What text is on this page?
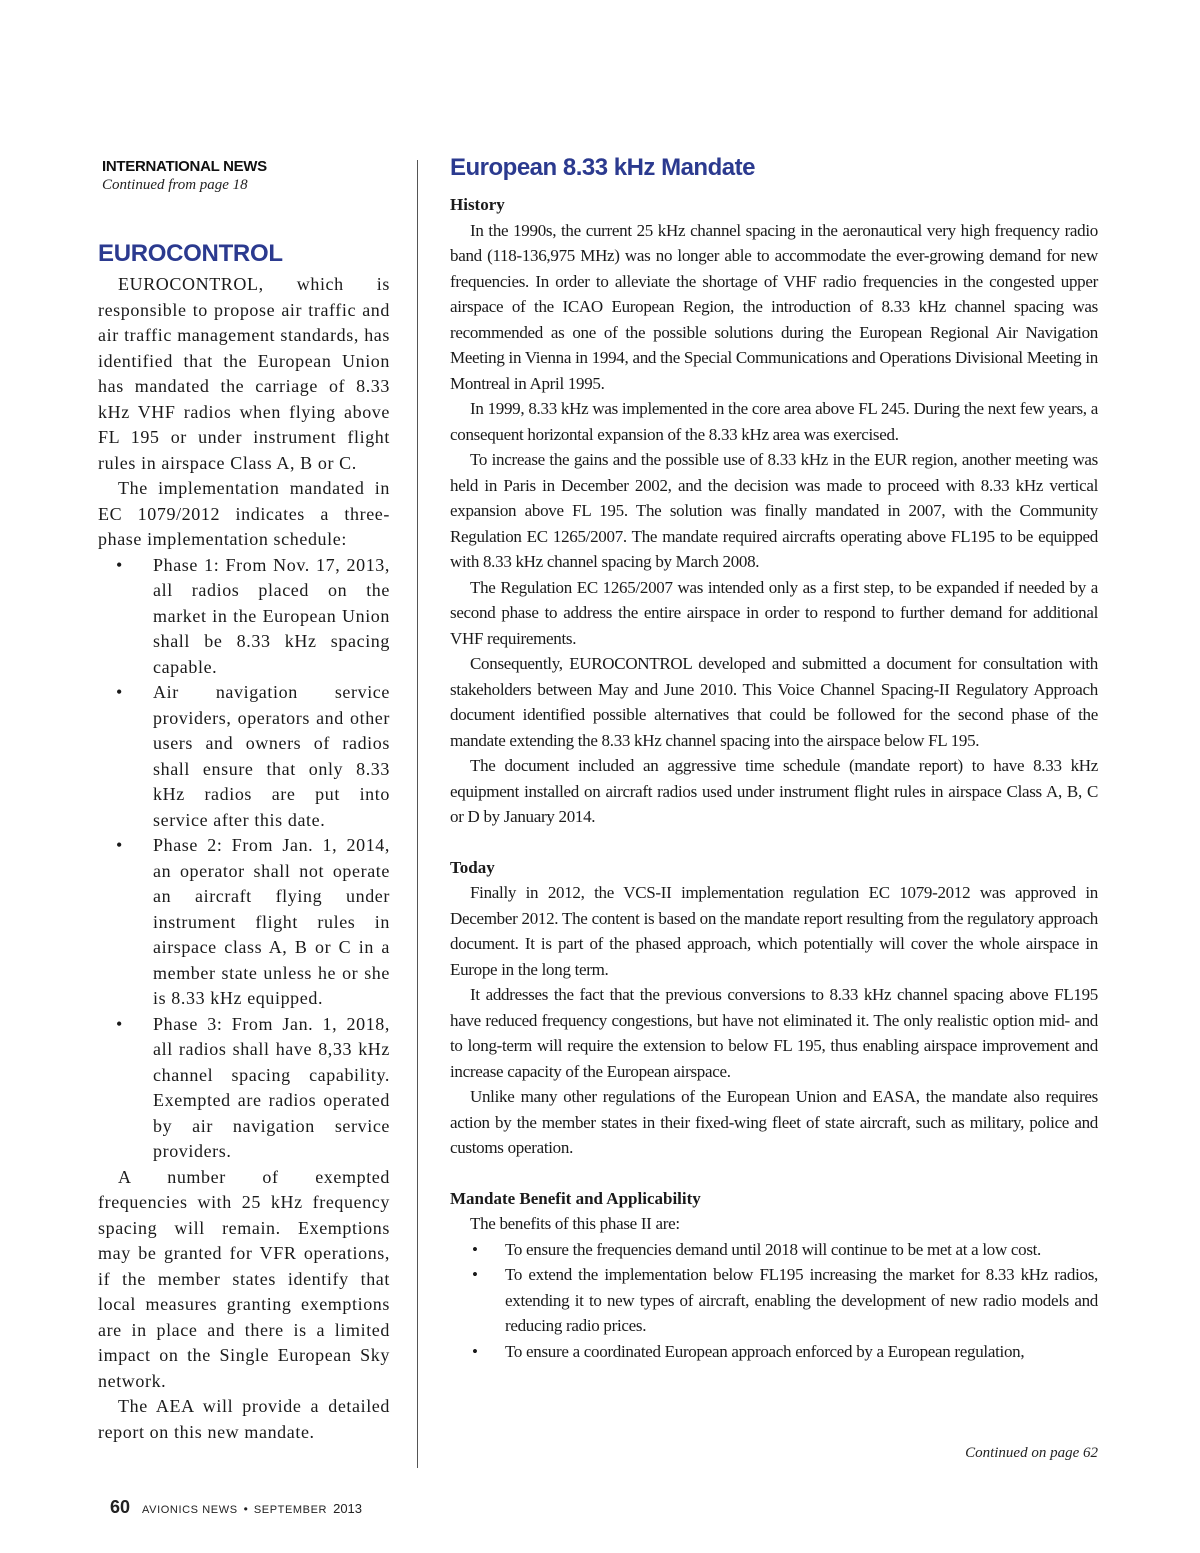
INTERNATIONAL NEWS
Continued from page 18
EUROCONTROL

EUROCONTROL, which is responsible to propose air traffic and air traffic management standards, has identified that the European Union has mandated the carriage of 8.33 kHz VHF radios when flying above FL 195 or under instrument flight rules in airspace Class A, B or C.

The implementation mandated in EC 1079/2012 indicates a three-phase implementation schedule:

• Phase 1: From Nov. 17, 2013, all radios placed on the market in the European Union shall be 8.33 kHz spacing capable.
• Air navigation service providers, operators and other users and owners of radios shall ensure that only 8.33 kHz radios are put into service after this date.
• Phase 2: From Jan. 1, 2014, an operator shall not operate an aircraft flying under instrument flight rules in airspace class A, B or C in a member state unless he or she is 8.33 kHz equipped.
• Phase 3: From Jan. 1, 2018, all radios shall have 8,33 kHz channel spacing capability. Exempted are radios operated by air navigation service providers.

A number of exempted frequencies with 25 kHz frequency spacing will remain. Exemptions may be granted for VFR operations, if the member states identify that local measures granting exemptions are in place and there is a limited impact on the Single European Sky network.

The AEA will provide a detailed report on this new mandate.

European 8.33 kHz Mandate
History

In the 1990s, the current 25 kHz channel spacing in the aeronautical very high frequency radio band (118-136,975 MHz) was no longer able to accommodate the ever-growing demand for new frequencies. In order to alleviate the shortage of VHF radio frequencies in the congested upper airspace of the ICAO European Region, the introduction of 8.33 kHz channel spacing was recommended as one of the possible solutions during the European Regional Air Navigation Meeting in Vienna in 1994, and the Special Communications and Operations Divisional Meeting in Montreal in April 1995.

In 1999, 8.33 kHz was implemented in the core area above FL 245. During the next few years, a consequent horizontal expansion of the 8.33 kHz area was exercised.

To increase the gains and the possible use of 8.33 kHz in the EUR region, another meeting was held in Paris in December 2002, and the decision was made to proceed with 8.33 kHz vertical expansion above FL 195. The solution was finally mandated in 2007, with the Community Regulation EC 1265/2007. The mandate required aircrafts operating above FL195 to be equipped with 8.33 kHz channel spacing by March 2008.

The Regulation EC 1265/2007 was intended only as a first step, to be expanded if needed by a second phase to address the entire airspace in order to respond to further demand for additional VHF requirements.

Consequently, EUROCONTROL developed and submitted a document for consultation with stakeholders between May and June 2010. This Voice Channel Spacing-II Regulatory Approach document identified possible alternatives that could be followed for the second phase of the mandate extending the 8.33 kHz channel spacing into the airspace below FL 195.

The document included an aggressive time schedule (mandate report) to have 8.33 kHz equipment installed on aircraft radios used under instrument flight rules in airspace Class A, B, C or D by January 2014.

Today

Finally in 2012, the VCS-II implementation regulation EC 1079-2012 was approved in December 2012. The content is based on the mandate report resulting from the regulatory approach document. It is part of the phased approach, which potentially will cover the whole airspace in Europe in the long term.

It addresses the fact that the previous conversions to 8.33 kHz channel spacing above FL195 have reduced frequency congestions, but have not eliminated it. The only realistic option mid- and to long-term will require the extension to below FL 195, thus enabling airspace improvement and increase capacity of the European airspace.

Unlike many other regulations of the European Union and EASA, the mandate also requires action by the member states in their fixed-wing fleet of state aircraft, such as military, police and customs operation.

Mandate Benefit and Applicability

The benefits of this phase II are:

• To ensure the frequencies demand until 2018 will continue to be met at a low cost.
• To extend the implementation below FL195 increasing the market for 8.33 kHz radios, extending it to new types of aircraft, enabling the development of new radio models and reducing radio prices.
• To ensure a coordinated European approach enforced by a European regulation,
Continued on page 62
60 AVIONICS NEWS • SEPTEMBER 2013
